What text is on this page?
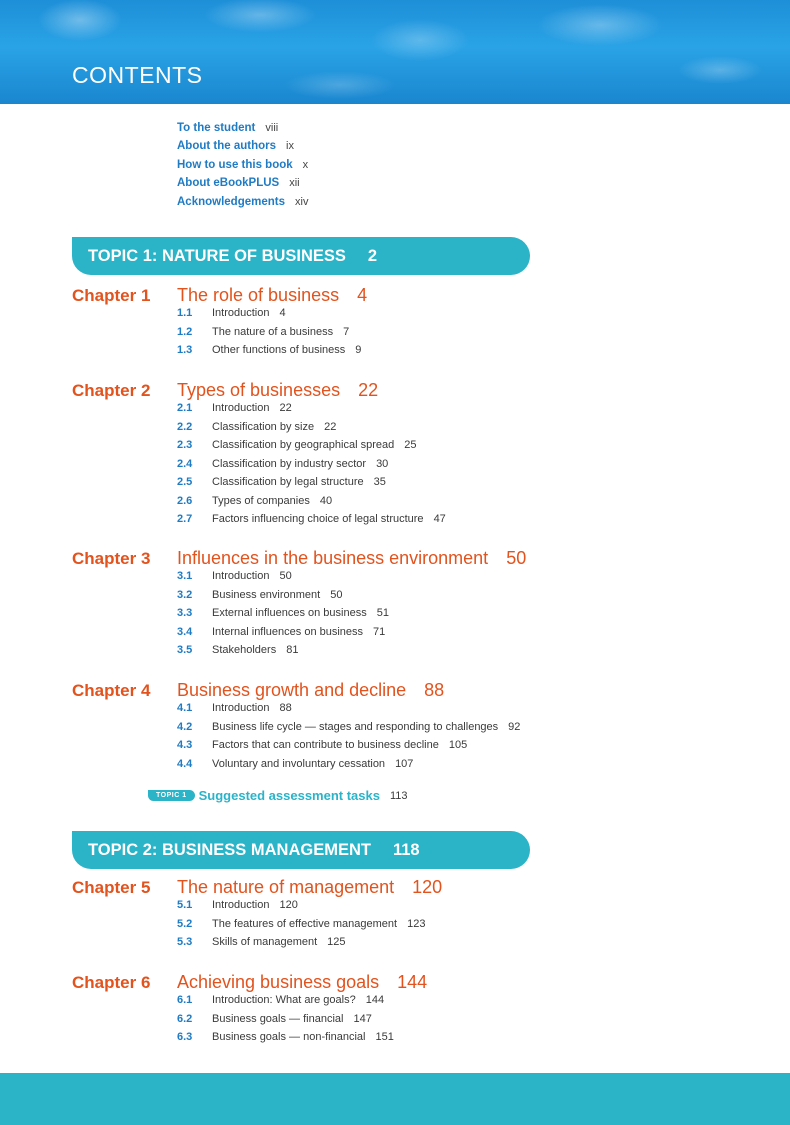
CONTENTS
To the student viii
About the authors ix
How to use this book x
About eBookPLUS xii
Acknowledgements xiv
TOPIC 1: NATURE OF BUSINESS 2
Chapter 1 The role of business 4
1.1 Introduction 4
1.2 The nature of a business 7
1.3 Other functions of business 9
Chapter 2 Types of businesses 22
2.1 Introduction 22
2.2 Classification by size 22
2.3 Classification by geographical spread 25
2.4 Classification by industry sector 30
2.5 Classification by legal structure 35
2.6 Types of companies 40
2.7 Factors influencing choice of legal structure 47
Chapter 3 Influences in the business environment 50
3.1 Introduction 50
3.2 Business environment 50
3.3 External influences on business 51
3.4 Internal influences on business 71
3.5 Stakeholders 81
Chapter 4 Business growth and decline 88
4.1 Introduction 88
4.2 Business life cycle — stages and responding to challenges 92
4.3 Factors that can contribute to business decline 105
4.4 Voluntary and involuntary cessation 107
TOPIC 1 Suggested assessment tasks 113
TOPIC 2: BUSINESS MANAGEMENT 118
Chapter 5 The nature of management 120
5.1 Introduction 120
5.2 The features of effective management 123
5.3 Skills of management 125
Chapter 6 Achieving business goals 144
6.1 Introduction: What are goals? 144
6.2 Business goals — financial 147
6.3 Business goals — non-financial 151
